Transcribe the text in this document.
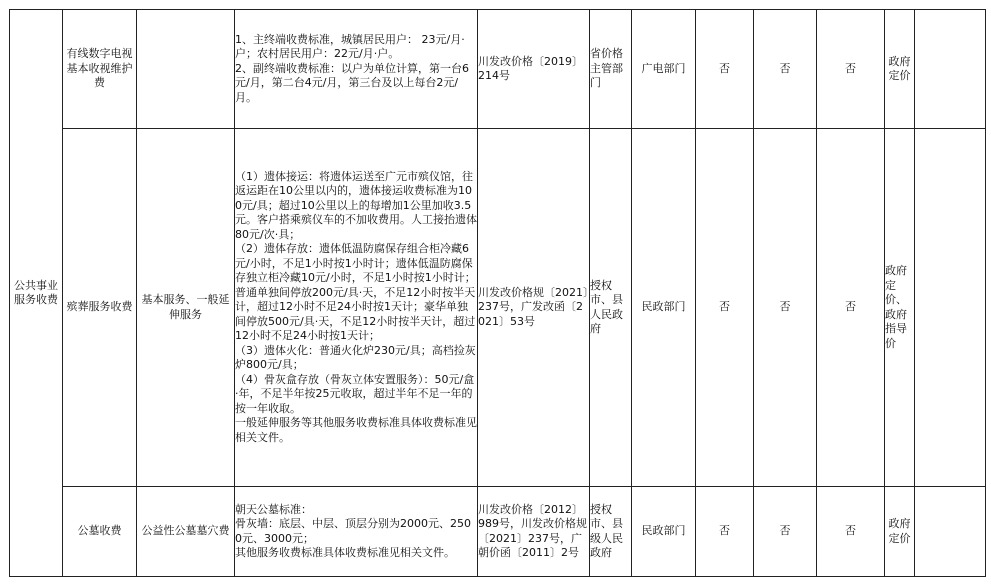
公共事业服务收费	有线数字电视基本收视维护费		1、主终端收费标准，城镇居民用户： 23元/月·户；农村居民用户：22元/月·户。
2、副终端收费标准：以户为单位计算，第一台6元/月，第二台4元/月，第三台及以上每台2元/月。	川发改价格〔2019〕214号	省价格主管部门	广电部门	否	否	否	政府定价	
	殡葬服务收费	基本服务、一般延伸服务	（1）遗体接运：将遗体运送至广元市殡仪馆，往返运距在10公里以内的，遗体接运收费标准为100元/具；超过10公里以上的每增加1公里加收3.5元。客户搭乘殡仪车的不加收费用。人工接抬遗体80元/次·具；
（2）遗体存放：遗体低温防腐保存组合柜冷藏6元/小时，不足1小时按1小时计；遗体低温防腐保存独立柜冷藏10元/小时，不足1小时按1小时计；普通单独间停放200元/具·天，不足12小时按半天计，超过12小时不足24小时按1天计；豪华单独间停放500元/具·天，不足12小时按半天计，超过12小时不足24小时按1天计；
（3）遗体火化：普通火化炉230元/具；高档捡灰炉800元/具；
（4）骨灰盒存放（骨灰立体安置服务）：50元/盒·年，不足半年按25元收取，超过半年不足一年的按一年收取。
一般延伸服务等其他服务收费标准具体收费标准见相关文件。	川发改价格规〔2021〕237号，广发改函〔2021〕53号	授权市、县人民政府	民政部门	否	否	否	政府定价、政府指导价	
	公墓收费	公益性公墓墓穴费	朝天公墓标准：
骨灰墙：底层、中层、顶层分别为2000元、2500元、3000元；
其他服务收费标准具体收费标准见相关文件。	川发改价格〔2012〕989号，川发改价格规〔2021〕237号，广朝价函〔2011〕2号	授权市、县级人民政府	民政部门	否	否	否	政府定价	
